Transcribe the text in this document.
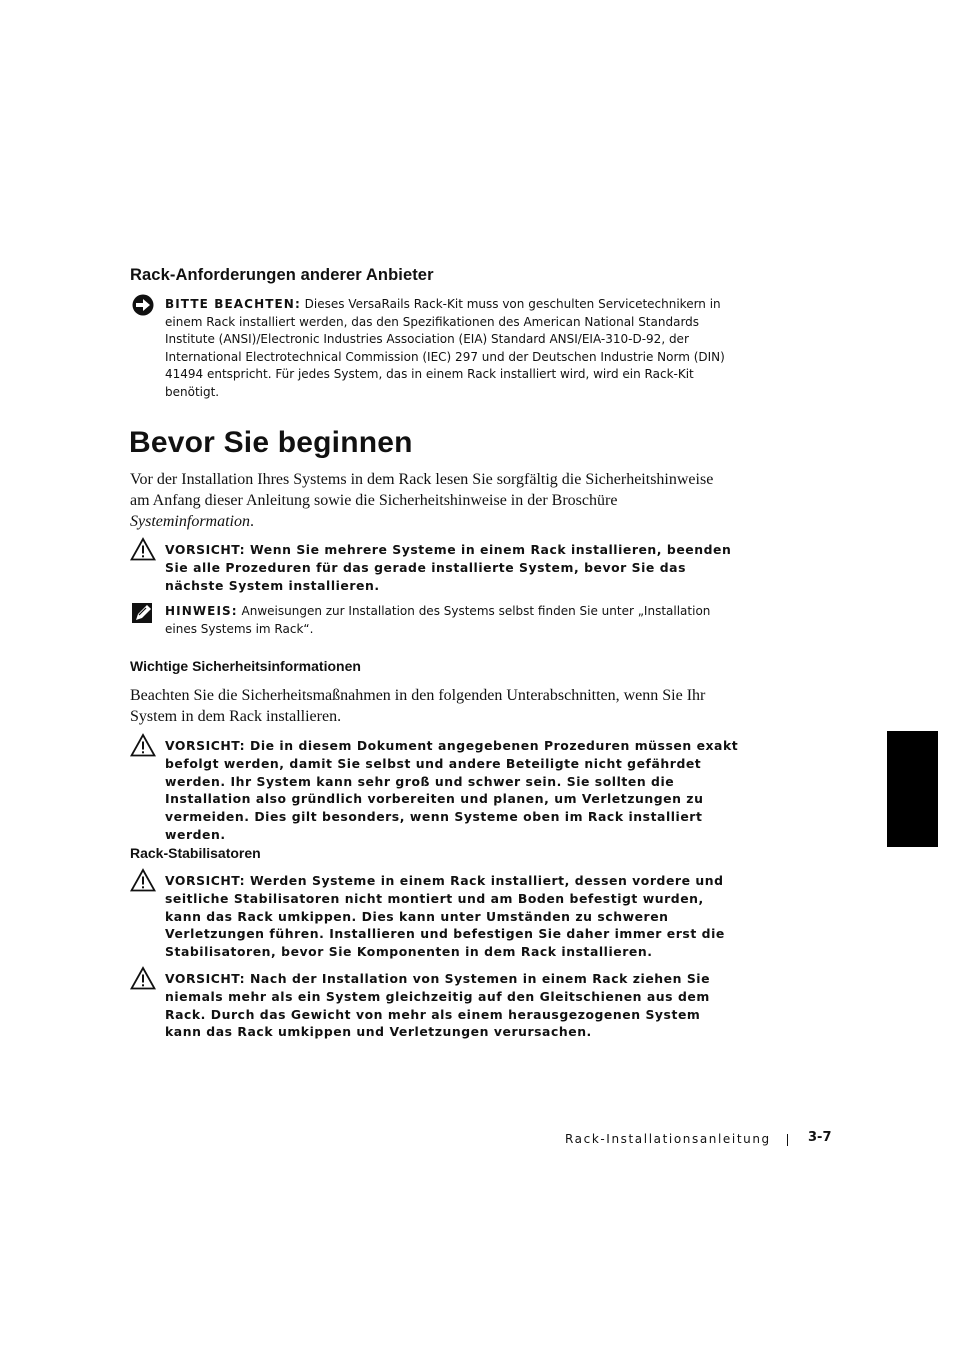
Rack-Anforderungen anderer Anbieter
BITTE BEACHTEN: Dieses VersaRails Rack-Kit muss von geschulten Servicetechnikern in einem Rack installiert werden, das den Spezifikationen des American National Standards Institute (ANSI)/Electronic Industries Association (EIA) Standard ANSI/EIA-310-D-92, der International Electrotechnical Commission (IEC) 297 und der Deutschen Industrie Norm (DIN) 41494 entspricht. Für jedes System, das in einem Rack installiert wird, wird ein Rack-Kit benötigt.
Bevor Sie beginnen
Vor der Installation Ihres Systems in dem Rack lesen Sie sorgfältig die Sicherheitshinweise am Anfang dieser Anleitung sowie die Sicherheitshinweise in der Broschüre Systeminformation.
VORSICHT: Wenn Sie mehrere Systeme in einem Rack installieren, beenden Sie alle Prozeduren für das gerade installierte System, bevor Sie das nächste System installieren.
HINWEIS: Anweisungen zur Installation des Systems selbst finden Sie unter „Installation eines Systems im Rack“.
Wichtige Sicherheitsinformationen
Beachten Sie die Sicherheitsmaßnahmen in den folgenden Unterabschnitten, wenn Sie Ihr System in dem Rack installieren.
VORSICHT: Die in diesem Dokument angegebenen Prozeduren müssen exakt befolgt werden, damit Sie selbst und andere Beteiligte nicht gefährdet werden. Ihr System kann sehr groß und schwer sein. Sie sollten die Installation also gründlich vorbereiten und planen, um Verletzungen zu vermeiden. Dies gilt besonders, wenn Systeme oben im Rack installiert werden.
Rack-Stabilisatoren
VORSICHT: Werden Systeme in einem Rack installiert, dessen vordere und seitliche Stabilisatoren nicht montiert und am Boden befestigt wurden, kann das Rack umkippen. Dies kann unter Umständen zu schweren Verletzungen führen. Installieren und befestigen Sie daher immer erst die Stabilisatoren, bevor Sie Komponenten in dem Rack installieren.
VORSICHT: Nach der Installation von Systemen in einem Rack ziehen Sie niemals mehr als ein System gleichzeitig auf den Gleitschienen aus dem Rack. Durch das Gewicht von mehr als einem herausgezogenen System kann das Rack umkippen und Verletzungen verursachen.
Rack-Installationsanleitung	3-7
